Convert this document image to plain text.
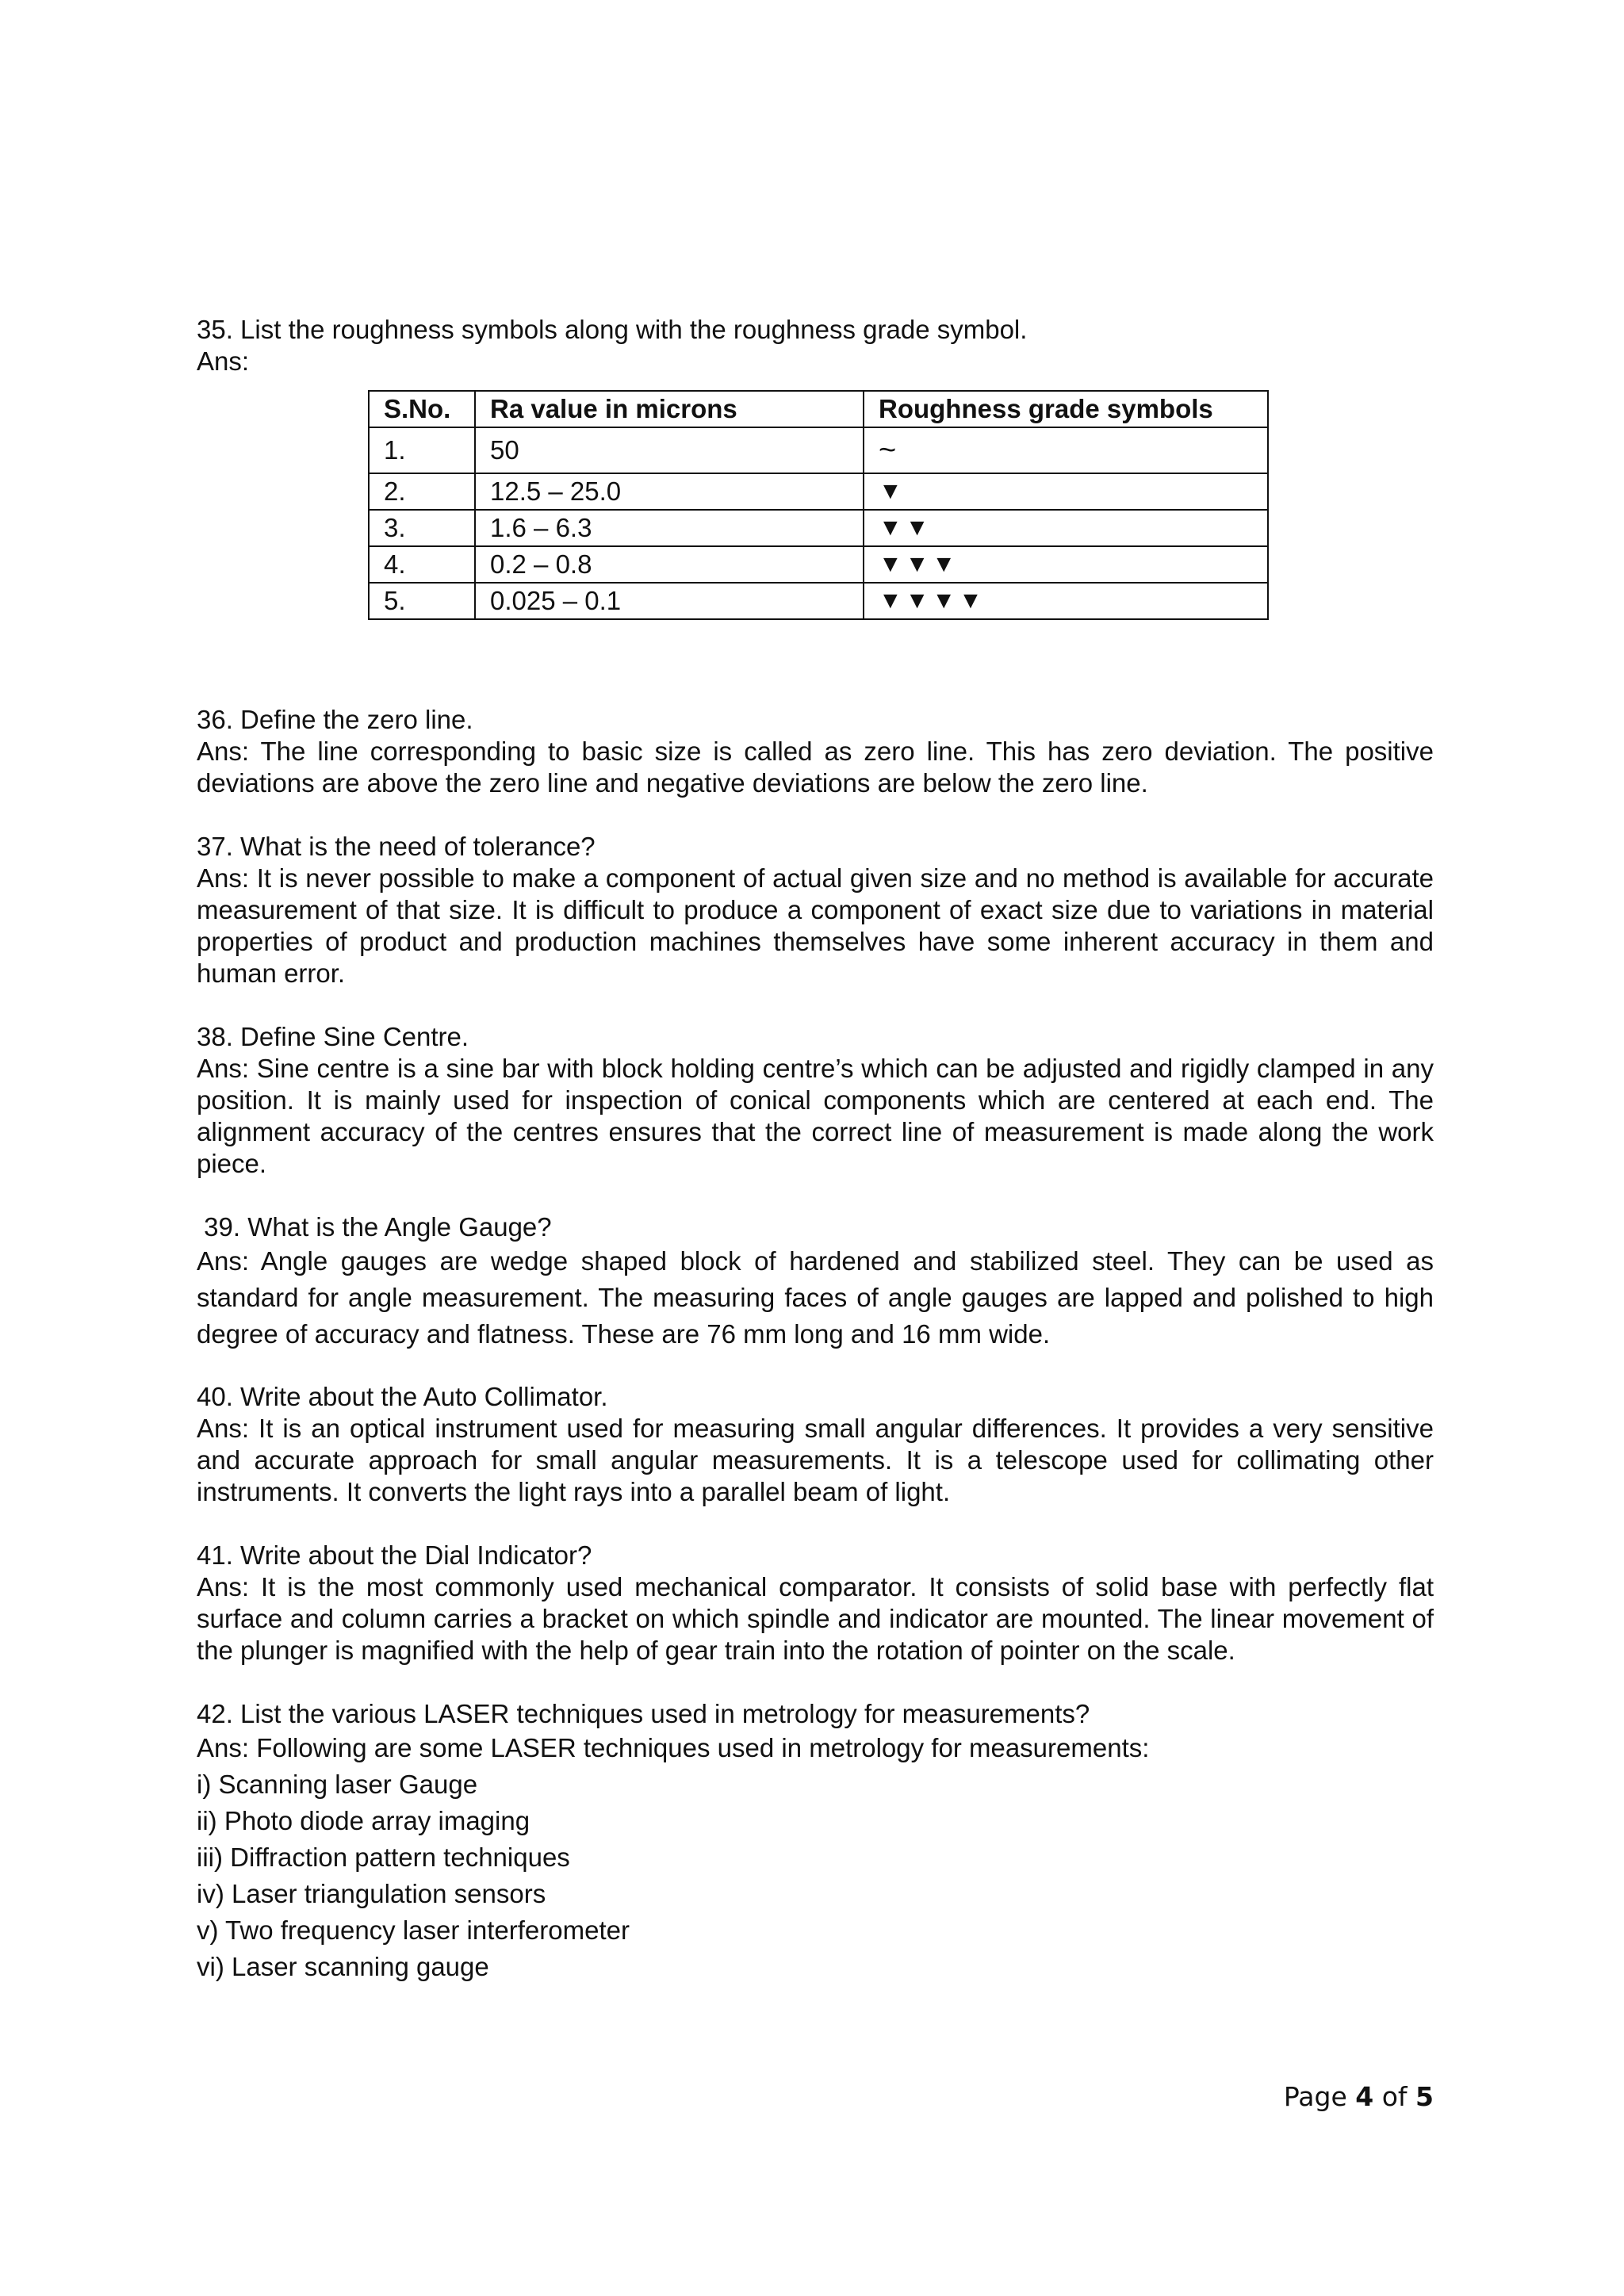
35. List the roughness symbols along with the roughness grade symbol.

Ans:

S.No.	Ra value in microns	Roughness grade symbols
1.	50	~
2.	12.5 – 25.0	▼
3.	1.6 – 6.3	▼▼
4.	0.2 – 0.8	▼▼▼
5.	0.025 – 0.1	▼▼▼▼

36. Define the zero line.

Ans: The line corresponding to basic size is called as zero line. This has zero deviation. The positive deviations are above the zero line and negative deviations are below the zero line.

37. What is the need of tolerance?

Ans: It is never possible to make a component of actual given size and no method is available for accurate measurement of that size. It is difficult to produce a component of exact size due to variations in material properties of product and production machines themselves have some inherent accuracy in them and human error.

38. Define Sine Centre.

Ans: Sine centre is a sine bar with block holding centre’s which can be adjusted and rigidly clamped in any position. It is mainly used for inspection of conical components which are centered at each end. The alignment accuracy of the centres ensures that the correct line of measurement is made along the work piece.

39. What is the Angle Gauge?

Ans: Angle gauges are wedge shaped block of hardened and stabilized steel. They can be used as standard for angle measurement. The measuring faces of angle gauges are lapped and polished to high degree of accuracy and flatness. These are 76 mm long and 16 mm wide.

40. Write about the Auto Collimator.

Ans: It is an optical instrument used for measuring small angular differences. It provides a very sensitive and accurate approach for small angular measurements. It is a telescope used for collimating other instruments. It converts the light rays into a parallel beam of light.

41. Write about the Dial Indicator?

Ans: It is the most commonly used mechanical comparator. It consists of solid base with perfectly flat surface and column carries a bracket on which spindle and indicator are mounted. The linear movement of the plunger is magnified with the help of gear train into the rotation of pointer on the scale.

42. List the various LASER techniques used in metrology for measurements?

Ans: Following are some LASER techniques used in metrology for measurements:

i) Scanning laser Gauge

ii) Photo diode array imaging

iii) Diffraction pattern techniques

iv) Laser triangulation sensors

v) Two frequency laser interferometer

vi) Laser scanning gauge

Page 4 of 5
